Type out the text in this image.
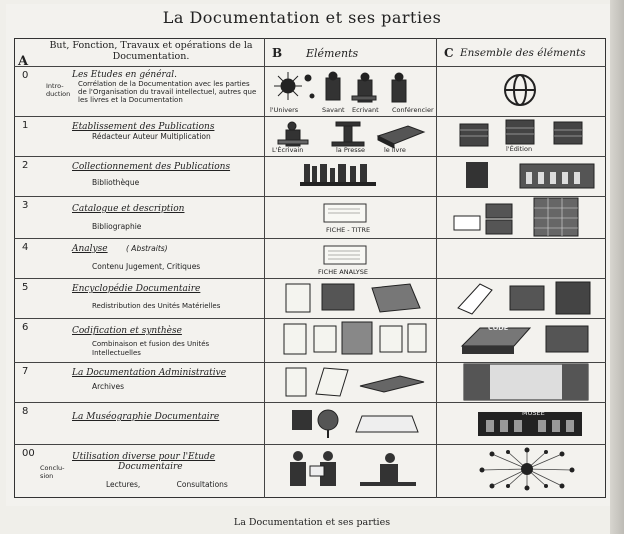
La Documentation et ses parties
A
But, Fonction, Travaux et opérations de la Documentation.	B Eléments	C Ensemble des éléments
0	Les Etudes en général.
Intro- duction
Corrélation de la Documentation avec les parties de l'Organisation du travail intellectuel, autres que les livres et la Documentation
l'Univers	Savant Ecrivant Conférencier
1	Etablissement des Publications
Rédacteur Auteur Multiplication
L'Écrivain	la Presse	le livre	l'Édition
2	Collectionnement des Publications
Bibliothèque
3	Catalogue et description
Bibliographie	FICHE - TITRE
4	Analyse ( Abstraits)
Contenu Jugement, Critiques
FICHE ANALYSE
5	Encyclopédie Documentaire
Redistribution des Unités Matérielles
6	Codification et synthèse
Combinaison et fusion des Unités Intellectuelles
CODE
7	La Documentation Administrative
Archives
8	La Muséographie Documentaire	MUSÉE
00	Utilisation diverse pour l'Etude
Documentaire
Conclu- sion
Lectures, Consultations
La Documentation et ses parties
